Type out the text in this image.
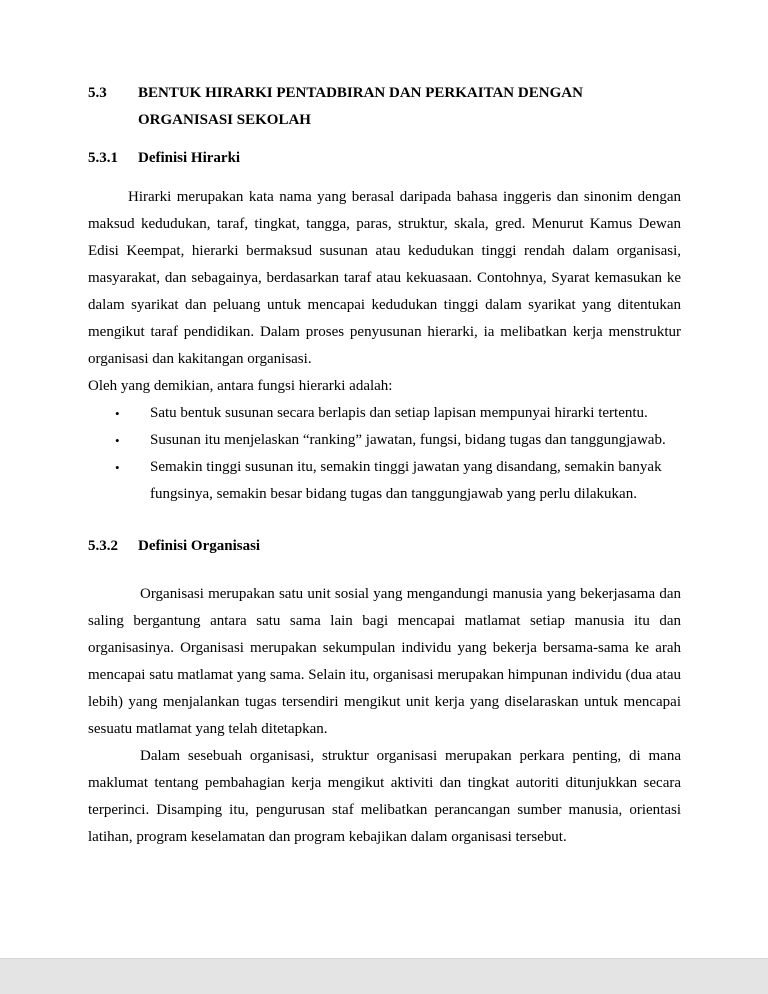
5.3	BENTUK HIRARKI PENTADBIRAN DAN PERKAITAN DENGAN
ORGANISASI SEKOLAH
5.3.1	Definisi Hirarki

Hirarki merupakan kata nama yang berasal daripada bahasa inggeris dan sinonim dengan maksud kedudukan, taraf, tingkat, tangga, paras, struktur, skala, gred. Menurut Kamus Dewan Edisi Keempat, hierarki bermaksud susunan atau kedudukan tinggi rendah dalam organisasi, masyarakat, dan sebagainya, berdasarkan taraf atau kekuasaan. Contohnya, Syarat kemasukan ke dalam syarikat dan peluang untuk mencapai kedudukan tinggi dalam syarikat yang ditentukan mengikut taraf pendidikan. Dalam proses penyusunan hierarki, ia melibatkan kerja menstruktur organisasi dan kakitangan organisasi.

Oleh yang demikian, antara fungsi hierarki adalah:

•	Satu bentuk susunan secara berlapis dan setiap lapisan mempunyai hirarki tertentu.
•	Susunan itu menjelaskan “ranking” jawatan, fungsi, bidang tugas dan tanggungjawab.
•	Semakin tinggi susunan itu, semakin tinggi jawatan yang disandang, semakin banyak fungsinya, semakin besar bidang tugas dan tanggungjawab yang perlu dilakukan.
5.3.2	Definisi Organisasi

Organisasi merupakan satu unit sosial yang mengandungi manusia yang bekerjasama dan saling bergantung antara satu sama lain bagi mencapai matlamat setiap manusia itu dan organisasinya. Organisasi merupakan sekumpulan individu yang bekerja bersama-sama ke arah mencapai satu matlamat yang sama. Selain itu, organisasi merupakan himpunan individu (dua atau lebih) yang menjalankan tugas tersendiri mengikut unit kerja yang diselaraskan untuk mencapai sesuatu matlamat yang telah ditetapkan.

Dalam sesebuah organisasi, struktur organisasi merupakan perkara penting, di mana maklumat tentang pembahagian kerja mengikut aktiviti dan tingkat autoriti ditunjukkan secara terperinci. Disamping itu, pengurusan staf melibatkan perancangan sumber manusia, orientasi latihan, program keselamatan dan program kebajikan dalam organisasi tersebut.
